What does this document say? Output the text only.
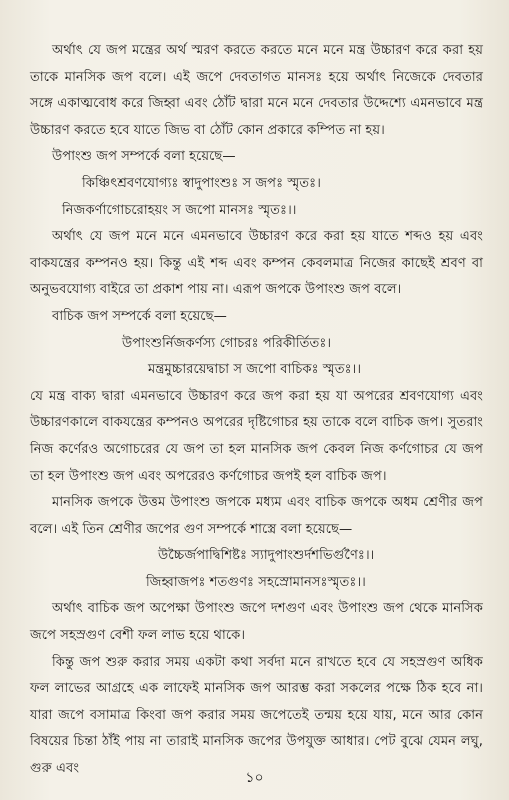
অর্থাৎ যে জপ মন্ত্রের অর্থ স্মরণ করতে করতে মনে মনে মন্ত্র উচ্চারণ করে করা হয় তাকে মানসিক জপ বলে। এই জপে দেবতাগত মানসঃ হয়ে অর্থাৎ নিজেকে দেবতার সঙ্গে একাত্মবোধ করে জিহ্বা এবং ঠোঁট দ্বারা মনে মনে দেবতার উদ্দেশ্যে এমনভাবে মন্ত্র উচ্চারণ করতে হবে যাতে জিভ বা ঠোঁট কোন প্রকারে কম্পিত না হয়।

উপাংশু জপ সম্পর্কে বলা হয়েছে—

কিঞ্চিৎশ্রবণযোগ্যঃ স্বাদুপাংশুঃ স জপঃ স্মৃতঃ।

নিজকর্ণাগোচরোহয়ং স জপো মানসঃ স্মৃতঃ।।

অর্থাৎ যে জপ মনে মনে এমনভাবে উচ্চারণ করে করা হয় যাতে শব্দও হয় এবং বাকযন্ত্রের কম্পনও হয়। কিন্তু এই শব্দ এবং কম্পন কেবলমাত্র নিজের কাছেই শ্রবণ বা অনুভবযোগ্য বাইরে তা প্রকাশ পায় না। এরূপ জপকে উপাংশু জপ বলে।

বাচিক জপ সম্পর্কে বলা হয়েছে—

উপাংশুর্নিজকর্ণস্য গোচরঃ পরিকীর্তিতঃ।

মন্ত্রমুচ্চারয়েদ্বাচা স জপো বাচিকঃ স্মৃতঃ।।

যে মন্ত্র বাক্য দ্বারা এমনভাবে উচ্চারণ করে জপ করা হয় যা অপরের শ্রবণযোগ্য এবং উচ্চারণকালে বাকযন্ত্রের কম্পনও অপরের দৃষ্টিগোচর হয় তাকে বলে বাচিক জপ। সুতরাং নিজ কর্ণেরও অগোচরের যে জপ তা হল মানসিক জপ কেবল নিজ কর্ণগোচর যে জপ তা হল উপাংশু জপ এবং অপরেরও কর্ণগোচর জপই হল বাচিক জপ।

মানসিক জপকে উত্তম উপাংশু জপকে মধ্যম এবং বাচিক জপকে অধম শ্রেণীর জপ বলে। এই তিন শ্রেণীর জপের গুণ সম্পর্কে শাস্ত্রে বলা হয়েছে—

উচ্চৈর্জপাদ্বিশিষ্টঃ স্যাদুপাংশুর্দশভির্গুণৈঃ।।

জিহ্বাজপঃ শতগুণঃ সহস্রোমানসঃস্মৃতঃ।।

অর্থাৎ বাচিক জপ অপেক্ষা উপাংশু জপে দশগুণ এবং উপাংশু জপ থেকে মানসিক জপে সহস্রগুণ বেশী ফল লাভ হয়ে থাকে।

কিন্তু জপ শুরু করার সময় একটা কথা সর্বদা মনে রাখতে হবে যে সহস্রগুণ অধিক ফল লাভের আগ্রহে এক লাফেই মানসিক জপ আরম্ভ করা সকলের পক্ষে ঠিক হবে না। যারা জপে বসামাত্র কিংবা জপ করার সময় জপেতেই তন্ময় হয়ে যায়, মনে আর কোন বিষয়ের চিন্তা ঠাঁই পায় না তারাই মানসিক জপের উপযুক্ত আধার। পেট বুঝে যেমন লঘু, গুরু এবং

১০
